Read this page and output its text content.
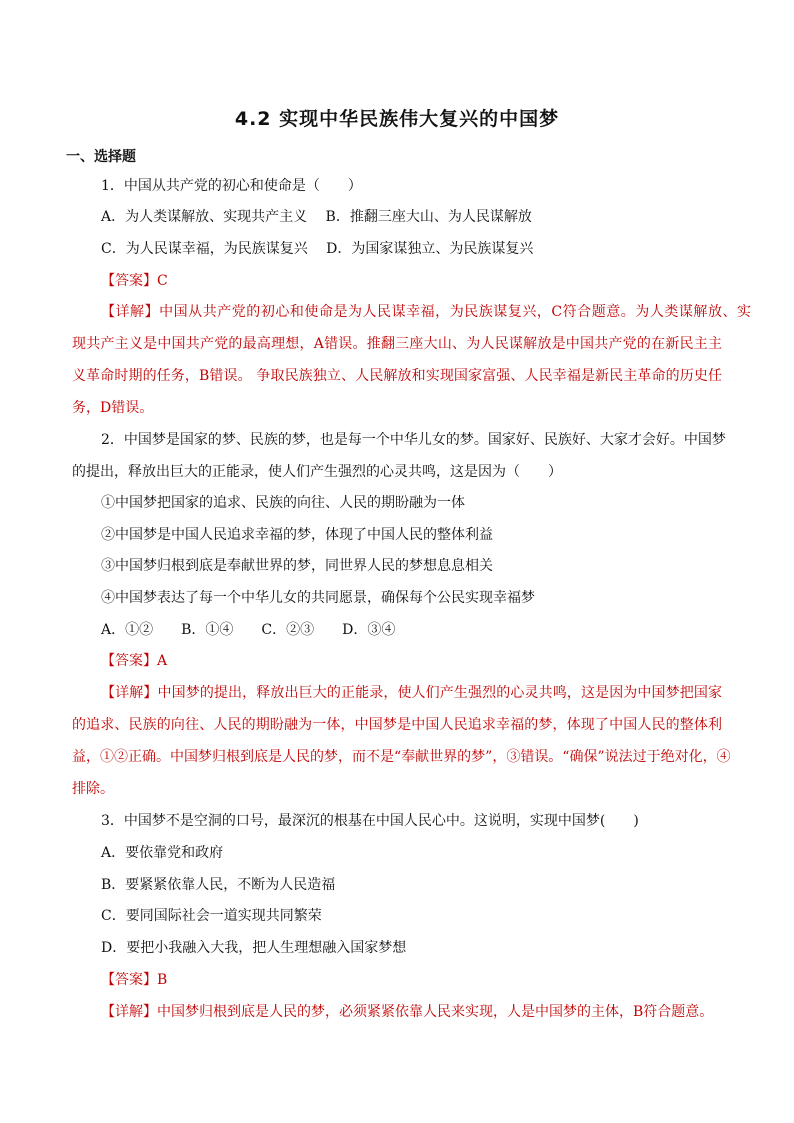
4.2 实现中华民族伟大复兴的中国梦
一、选择题
1．中国从共产党的初心和使命是（　　）
A．为人类谋解放、实现共产主义　 B．推翻三座大山、为人民谋解放
C．为人民谋幸福，为民族谋复兴　 D．为国家谋独立、为民族谋复兴
【答案】C
【详解】中国从共产党的初心和使命是为人民谋幸福，为民族谋复兴，C符合题意。为人类谋解放、实
现共产主义是中国共产党的最高理想，A错误。推翻三座大山、为人民谋解放是中国共产党的在新民主主
义革命时期的任务，B错误。 争取民族独立、人民解放和实现国家富强、人民幸福是新民主革命的历史任
务，D错误。
2．中国梦是国家的梦、民族的梦，也是每一个中华儿女的梦。国家好、民族好、大家才会好。中国梦
的提出，释放出巨大的正能录，使人们产生强烈的心灵共鸣，这是因为（　　）
①中国梦把国家的追求、民族的向往、人民的期盼融为一体
②中国梦是中国人民追求幸福的梦，体现了中国人民的整体利益
③中国梦归根到底是奉献世界的梦，同世界人民的梦想息息相关
④中国梦表达了每一个中华儿女的共同愿景，确保每个公民实现幸福梦
A．①②　　B．①④　　C．②③　　D．③④
【答案】A
【详解】中国梦的提出，释放出巨大的正能录，使人们产生强烈的心灵共鸣，这是因为中国梦把国家
的追求、民族的向往、人民的期盼融为一体，中国梦是中国人民追求幸福的梦，体现了中国人民的整体利
益，①②正确。中国梦归根到底是人民的梦，而不是“奉献世界的梦”，③错误。“确保”说法过于绝对化，④
排除。
3．中国梦不是空洞的口号，最深沉的根基在中国人民心中。这说明，实现中国梦(　　)
A．要依靠党和政府
B．要紧紧依靠人民，不断为人民造福
C．要同国际社会一道实现共同繁荣
D．要把小我融入大我，把人生理想融入国家梦想
【答案】B
【详解】中国梦归根到底是人民的梦，必须紧紧依靠人民来实现，人是中国梦的主体，B符合题意。
